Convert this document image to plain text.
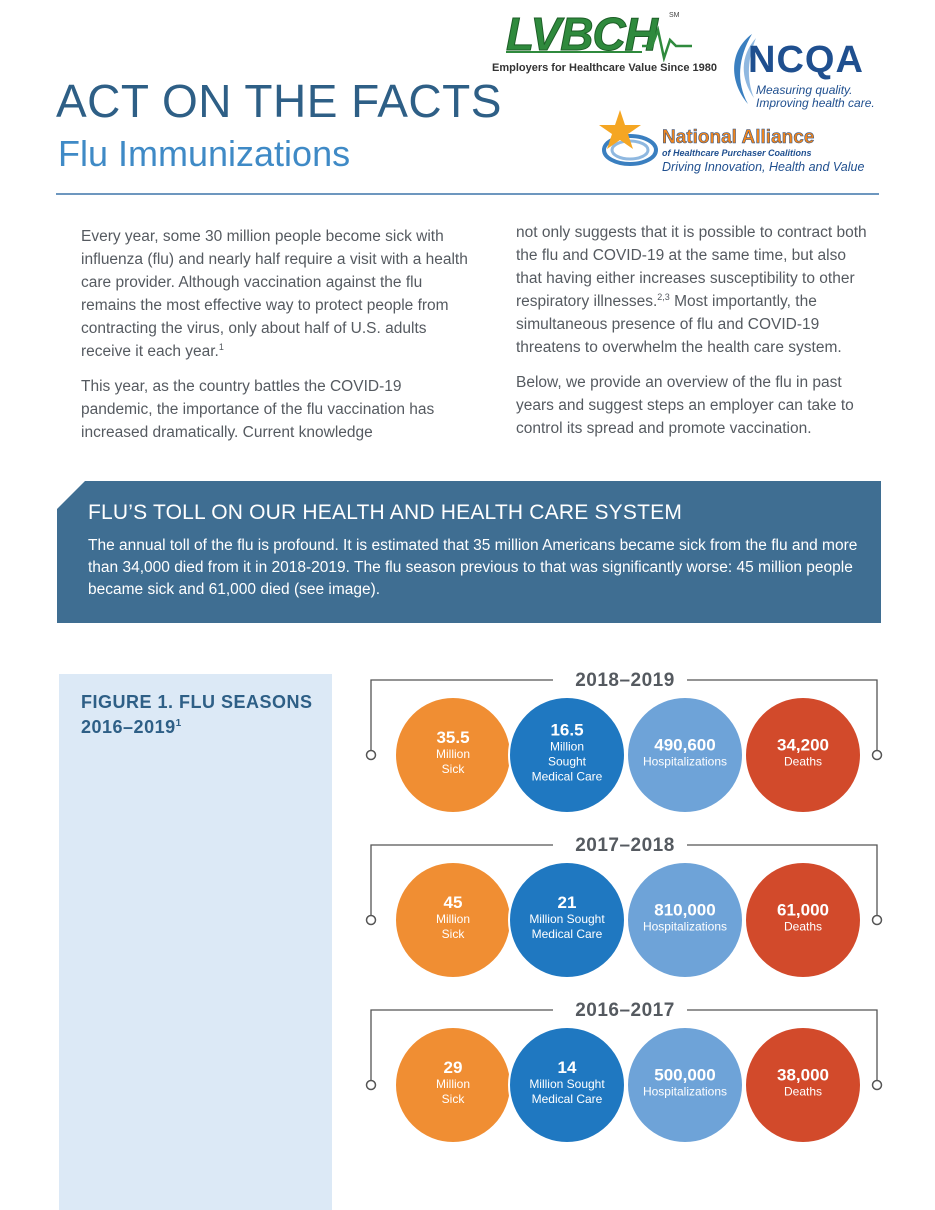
LVBCH SM
Employers for Healthcare Value Since 1980 NCQA
Measuring quality.
Improving health care.
National Alliance
of Healthcare Purchaser Coalitions
Driving Innovation, Health and Value
ACT ON THE FACTS
Flu Immunizations

Every year, some 30 million people become sick with influenza (flu) and nearly half require a visit with a health care provider. Although vaccination against the flu remains the most effective way to protect people from contracting the virus, only about half of U.S. adults receive it each year.$^1$

This year, as the country battles the COVID-19 pandemic, the importance of the flu vaccination has increased dramatically. Current knowledge

not only suggests that it is possible to contract both the flu and COVID-19 at the same time, but also that having either increases susceptibility to other respiratory illnesses.$^{2,3}$ Most importantly, the simultaneous presence of flu and COVID-19 threatens to overwhelm the health care system.

Below, we provide an overview of the flu in past years and suggest steps an employer can take to control its spread and promote vaccination.

FLU’S TOLL ON OUR HEALTH AND HEALTH CARE SYSTEM

The annual toll of the flu is profound. It is estimated that 35 million Americans became sick from the flu and more than 34,000 died from it in 2018-2019. The flu season previous to that was significantly worse: 45 million people became sick and 61,000 died (see image).

FIGURE 1. FLU SEASONS
2016–2019$^1$
2018–2019
35.5
Million
Sick
16.5
Million
Sought
Medical Care
490,600
Hospitalizations
34,200
Deaths
2017–2018
45
Million
Sick
21
Million Sought
Medical Care
810,000
Hospitalizations
61,000
Deaths
2016–2017
29
Million
Sick
14
Million Sought
Medical Care
500,000
Hospitalizations
38,000
Deaths
